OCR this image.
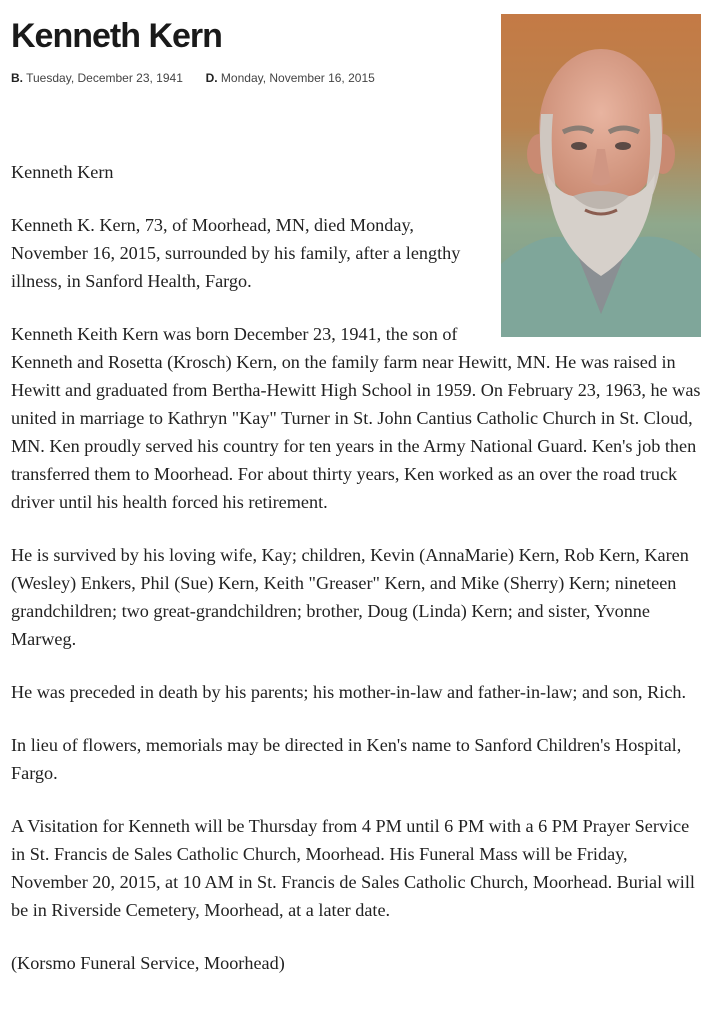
Kenneth Kern
B. Tuesday, December 23, 1941 D. Monday, November 16, 2015

Kenneth Kern

Kenneth K. Kern, 73, of Moorhead, MN, died Monday, November 16, 2015, surrounded by his family, after a lengthy illness, in Sanford Health, Fargo.

Kenneth Keith Kern was born December 23, 1941, the son of Kenneth and Rosetta (Krosch) Kern, on the family farm near Hewitt, MN. He was raised in Hewitt and graduated from Bertha-Hewitt High School in 1959. On February 23, 1963, he was united in marriage to Kathryn "Kay" Turner in St. John Cantius Catholic Church in St. Cloud, MN. Ken proudly served his country for ten years in the Army National Guard. Ken's job then transferred them to Moorhead. For about thirty years, Ken worked as an over the road truck driver until his health forced his retirement.

He is survived by his loving wife, Kay; children, Kevin (AnnaMarie) Kern, Rob Kern, Karen (Wesley) Enkers, Phil (Sue) Kern, Keith "Greaser" Kern, and Mike (Sherry) Kern; nineteen grandchildren; two great-grandchildren; brother, Doug (Linda) Kern; and sister, Yvonne Marweg.

He was preceded in death by his parents; his mother-in-law and father-in-law; and son, Rich.

In lieu of flowers, memorials may be directed in Ken's name to Sanford Children's Hospital, Fargo.

A Visitation for Kenneth will be Thursday from 4 PM until 6 PM with a 6 PM Prayer Service in St. Francis de Sales Catholic Church, Moorhead. His Funeral Mass will be Friday, November 20, 2015, at 10 AM in St. Francis de Sales Catholic Church, Moorhead. Burial will be in Riverside Cemetery, Moorhead, at a later date.

(Korsmo Funeral Service, Moorhead)
